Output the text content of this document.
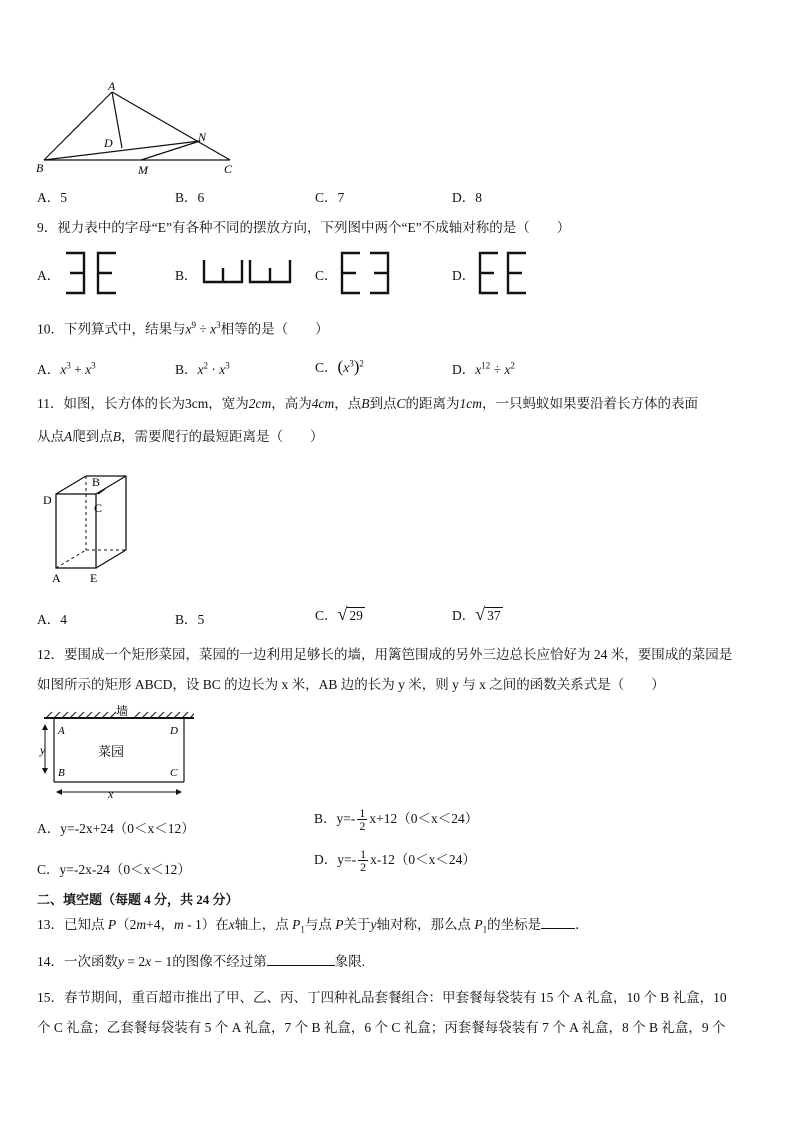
A
B	C
D
M
N
A．5	B．6	C．7	D．8
9．视力表中的字母“E”有各种不同的摆放方向，下列图中两个“E”不成轴对称的是（　　）
A．	B．	C．	D．
10．下列算式中，结果与$x^9 \div x^3$相等的是（　　）
A．$x^3 + x^3$	B．$x^2 \cdot x^3$	C．$(x^3)^2$	D．$x^{12} \div x^2$
11．如图，长方体的长为3cm，宽为2cm，高为4cm，点B到点C的距离为1cm，一只蚂蚁如果要沿着长方体的表面
从点A爬到点B，需要爬行的最短距离是（　　）
B
C
D
A E
A．4	B．5	C．√ 29	D．√ 37
12．要围成一个矩形菜园，菜园的一边利用足够长的墙，用篱笆围成的另外三边总长应恰好为 24 米，要围成的菜园是
如图所示的矩形 ABCD，设 BC 的边长为 x 米，AB 边的长为 y 米，则 y 与 x 之间的函数关系式是（　　）
墙
A	D
B	C
菜园
y
x
A．y=-2x+24（0＜x＜12）
B．$y=- \frac{1}{2} x+12(0<x<24)$
C．y=-2x-24（0＜x＜12）
D．$y=- \frac{1}{2} x-12(0<x<24)$
二、填空题（每题 4 分，共 24 分）
13．已知点 P（2m+4，m - 1）在x轴上，点 $P_1$与点 P关于y轴对称，那么点 $P_1$的坐标是	．
14．一次函数y = 2x − 1的图像不经过第	象限.
15．春节期间，重百超市推出了甲、乙、丙、丁四种礼品套餐组合：甲套餐每袋装有 15 个 A 礼盒，10 个 B 礼盒，10
个 C 礼盒；乙套餐每袋装有 5 个 A 礼盒，7 个 B 礼盒，6 个 C 礼盒；丙套餐每袋装有 7 个 A 礼盒，8 个 B 礼盒，9 个
